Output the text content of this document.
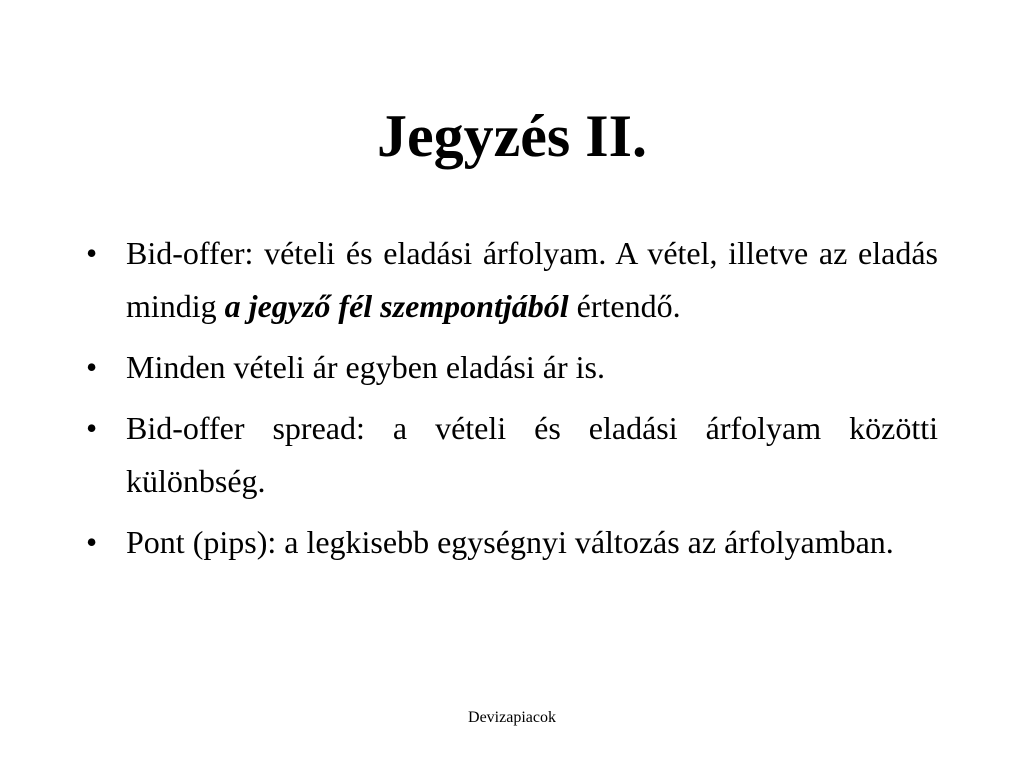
Jegyzés II.
• Bid-offer: vételi és eladási árfolyam. A vétel, illetve az eladás mindig a jegyző fél szempontjából értendő.
• Minden vételi ár egyben eladási ár is.
• Bid-offer spread: a vételi és eladási árfolyam közötti különbség.
• Pont (pips): a legkisebb egységnyi változás az árfolyamban.
Devizapiacok
